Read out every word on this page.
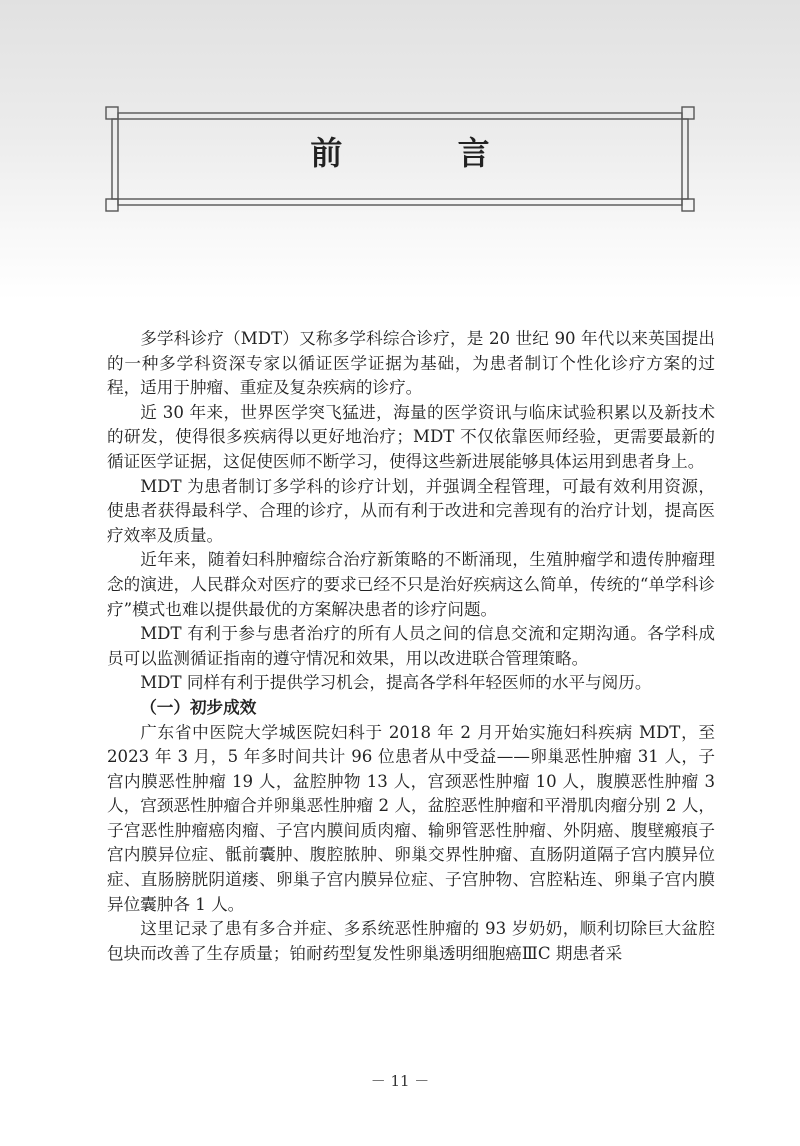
前 言

多学科诊疗（MDT）又称多学科综合诊疗，是 20 世纪 90 年代以来英国提出的一种多学科资深专家以循证医学证据为基础，为患者制订个性化诊疗方案的过程，适用于肿瘤、重症及复杂疾病的诊疗。

近 30 年来，世界医学突飞猛进，海量的医学资讯与临床试验积累以及新技术的研发，使得很多疾病得以更好地治疗；MDT 不仅依靠医师经验，更需要最新的循证医学证据，这促使医师不断学习，使得这些新进展能够具体运用到患者身上。

MDT 为患者制订多学科的诊疗计划，并强调全程管理，可最有效利用资源，使患者获得最科学、合理的诊疗，从而有利于改进和完善现有的治疗计划，提高医疗效率及质量。

近年来，随着妇科肿瘤综合治疗新策略的不断涌现，生殖肿瘤学和遗传肿瘤理念的演进，人民群众对医疗的要求已经不只是治好疾病这么简单，传统的“单学科诊疗”模式也难以提供最优的方案解决患者的诊疗问题。

MDT 有利于参与患者治疗的所有人员之间的信息交流和定期沟通。各学科成员可以监测循证指南的遵守情况和效果，用以改进联合管理策略。

MDT 同样有利于提供学习机会，提高各学科年轻医师的水平与阅历。

（一）初步成效

广东省中医院大学城医院妇科于 2018 年 2 月开始实施妇科疾病 MDT，至 2023 年 3 月，5 年多时间共计 96 位患者从中受益——卵巢恶性肿瘤 31 人，子宫内膜恶性肿瘤 19 人，盆腔肿物 13 人，宫颈恶性肿瘤 10 人，腹膜恶性肿瘤 3 人，宫颈恶性肿瘤合并卵巢恶性肿瘤 2 人，盆腔恶性肿瘤和平滑肌肉瘤分别 2 人，子宫恶性肿瘤癌肉瘤、子宫内膜间质肉瘤、输卵管恶性肿瘤、外阴癌、腹壁瘢痕子宫内膜异位症、骶前囊肿、腹腔脓肿、卵巢交界性肿瘤、直肠阴道隔子宫内膜异位症、直肠膀胱阴道瘘、卵巢子宫内膜异位症、子宫肿物、宫腔粘连、卵巢子宫内膜异位囊肿各 1 人。

这里记录了患有多合并症、多系统恶性肿瘤的 93 岁奶奶，顺利切除巨大盆腔包块而改善了生存质量；铂耐药型复发性卵巢透明细胞癌ⅢC 期患者采

－ 11 －
